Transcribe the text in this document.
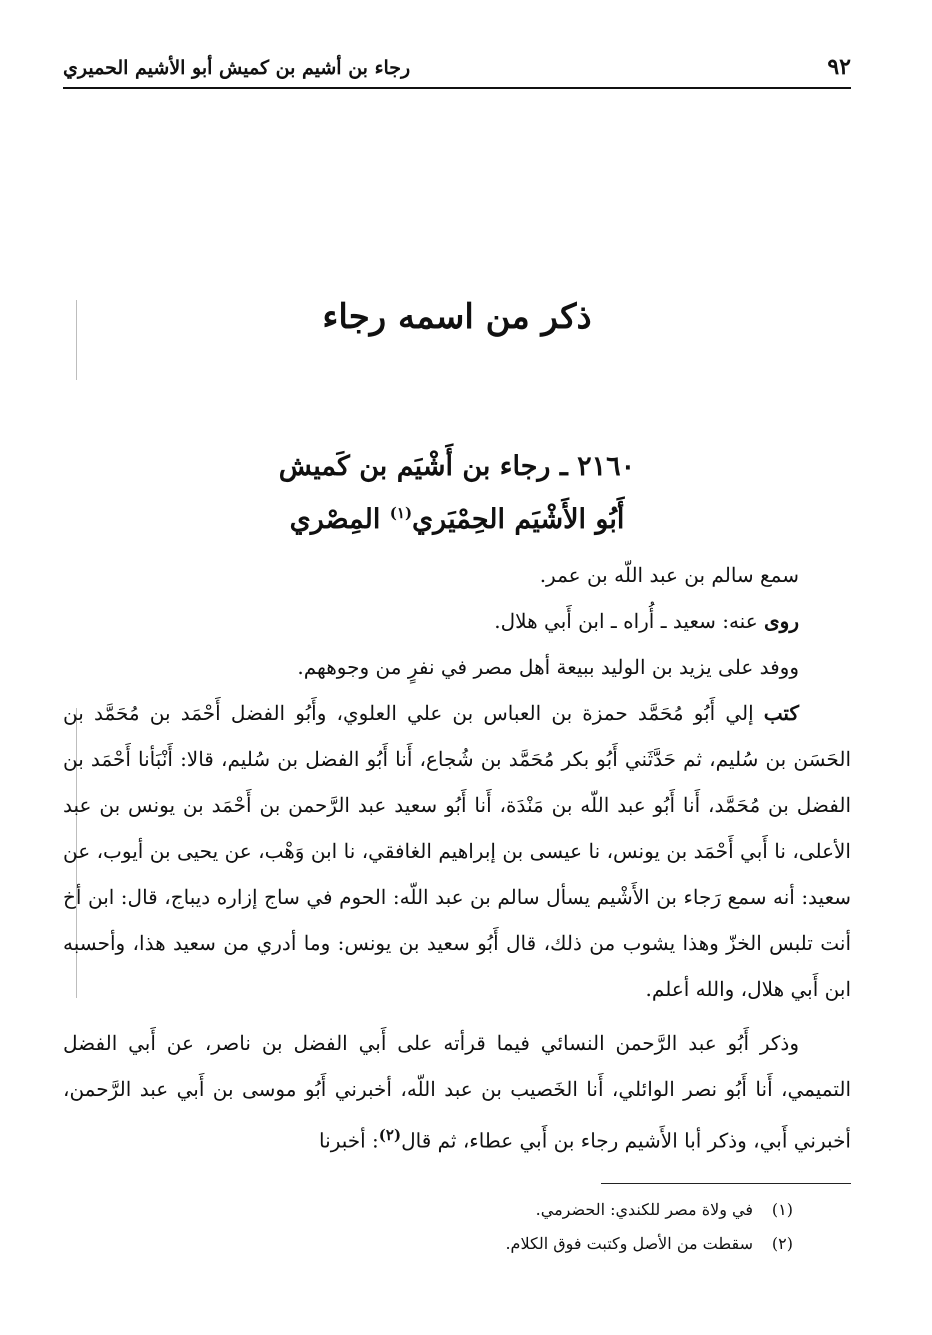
٩٢
رجاء بن أشيم بن كميش أبو الأشيم الحميري
ذكر من اسمه رجاء
٢١٦٠ ـ رجاء بن أَشْيَم بن كَميش
أَبُو الأَشْيَم الحِمْيَري$^{(١)}$ المِصْري

سمع سالم بن عبد اللّه بن عمر.

روى عنه: سعيد ـ أُراه ـ ابن أَبي هلال.

ووفد على يزيد بن الوليد ببيعة أهل مصر في نفرٍ من وجوههم.

كتب إلي أَبُو مُحَمَّد حمزة بن العباس بن علي العلوي، وأَبُو الفضل أَحْمَد بن مُحَمَّد بن الحَسَن بن سُليم، ثم حَدَّثَني أَبُو بكر مُحَمَّد بن شُجاع، أَنا أَبُو الفضل بن سُليم، قالا: أَنْبَأنا أَحْمَد بن الفضل بن مُحَمَّد، أَنا أَبُو عبد اللّه بن مَنْدَة، أَنا أَبُو سعيد عبد الرَّحمن بن أَحْمَد بن يونس بن عبد الأعلى، نا أَبي أَحْمَد بن يونس، نا عيسى بن إبراهيم الغافقي، نا ابن وَهْب، عن يحيى بن أيوب، عن سعيد: أنه سمع رَجاء بن الأَشْيم يسأل سالم بن عبد اللّه: الحوم في ساج إزاره ديباج، قال: ابن أخ أنت تلبس الخزّ وهذا يشوب من ذلك، قال أَبُو سعيد بن يونس: وما أدري من سعيد هذا، وأحسبه ابن أَبي هلال، والله أعلم.

وذكر أَبُو عبد الرَّحمن النسائي فيما قرأته على أَبي الفضل بن ناصر، عن أَبي الفضل التميمي، أَنا أَبُو نصر الوائلي، أَنا الخَصيب بن عبد اللّه، أخبرني أَبُو موسى بن أَبي عبد الرَّحمن، أخبرني أَبي، وذكر أبا الأَشيم رجاء بن أَبي عطاء، ثم قال$^{(٢)}$: أخبرنا

(١)في ولاة مصر للكندي: الحضرمي.
(٢)سقطت من الأصل وكتبت فوق الكلام.
